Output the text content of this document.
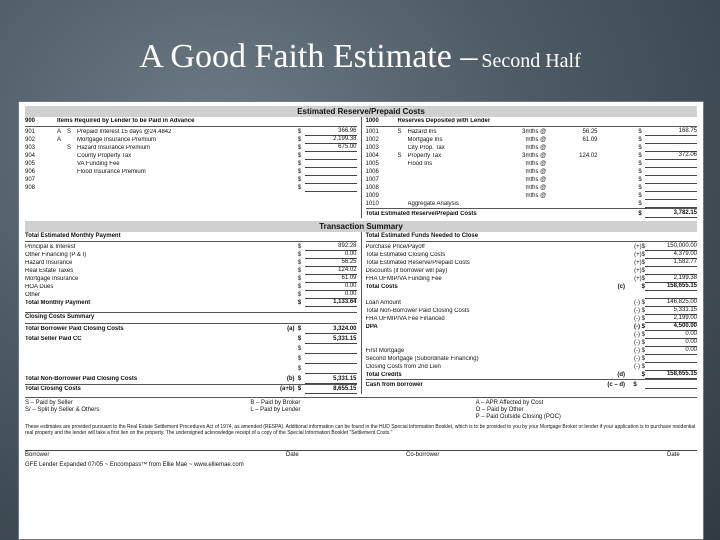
A Good Faith Estimate – Second Half
Estimated Reserve/Prepaid Costs
900	Items Required by Lender to be Paid in Advance
901	A S Prepaid Interest 15 days @24.4842	$	366.96
902	A	Mortgage Insurance Premium	$	2,199.38
903	S Hazard Insurance Premium	$	675.00
904	County Property Tax	$
905	VA Funding Fee	$
906	Flood Insurance Premium	$
907	$
908	$
1000	Reserves Deposited with Lender
1001	S Hazard Ins	3 mths @	56.25	$	168.75
1002	Mortgage Ins	mths @	61.09	$
1003	City Prop. Tax	mths @	$
1004	S Property Tax	3 mths @	124.02	$	372.06
1005	Flood Ins	mths @	$
1006	mths @	$
1007	mths @	$
1008	mths @	$
1009	mths @	$
1010	Aggregate Analysis	$
Total Estimated Reserve/Prepaid Costs	$	3,782.15
Transaction Summary
Total Estimated Monthly Payment
Principal & Interest	$	892.28
Other Financing (P & I)	$	0.00
Hazard Insurance	$	56.25
Real Estate Taxes	$	124.02
Mortgage Insurance	$	61.09
HOA Dues	$	0.00
Other	$	0.00
Total Monthly Payment	$	1,133.64
Closing Costs Summary
Total Borrower Paid Closing Costs	(a) $	3,324.00
Total Seller Paid CC	$	5,331.15
$
$
$
Total Non-Borrower Paid Closing Costs	(b) $	5,331.15
Total Closing Costs	(a+b) $	8,655.15
Total Estimated Funds Needed to Close
Purchase Price/Payoff	(+)$	150,000.00
Total Estimated Closing Costs	(+)$	4,379.00
Total Estimated Reserve/Prepaid Costs	(+)$	1,582.77
Discounts (if borrower will pay)	(+)$
FHA UFMIP/VA Funding Fee	(+)$	2,199.38
Total Costs	(c)	$	158,655.15
Loan Amount	(-) $	146,825.00
Total Non-Borrower Paid Closing Costs	(-) $	5,331.15
FHA UFMIP/VA Fee Financed	(-) $	2,199.00
DPA	(-) $	4,500.00
(-) $	0.00
(-) $	0.00
First Mortgage	(-) $	0.00
Second Mortgage (Subordinate Financing)	(-) $
Closing Costs from 2nd Lien	(-) $
Total Credits	(d)	$	158,655.15
Cash from borrower	(c – d)	$
S – Paid by Seller	B – Paid by Broker	A – APR Affected by Cost
S/ – Split by Seller & Others	L – Paid by Lender	O – Paid by Other
P – Paid Outside Closing (POC)
These estimates are provided pursuant to the Real Estate Settlement Procedures Act of 1974, as amended (RESPA). Additional information can be found in the HUD Special Information Booklet, which is to be provided to you by your Mortgage Broker or lender if your application is to purchase residential real property and the lender will take a first lien on the property. The undersigned acknowledge receipt of a copy of the Special Information Booklet "Settlement Costs."
Borrower	Date	Co-borrower	Date
GFE Lender Expanded 07/05 ~ Encompass™ from Ellie Mae ~ www.elliemae.com
